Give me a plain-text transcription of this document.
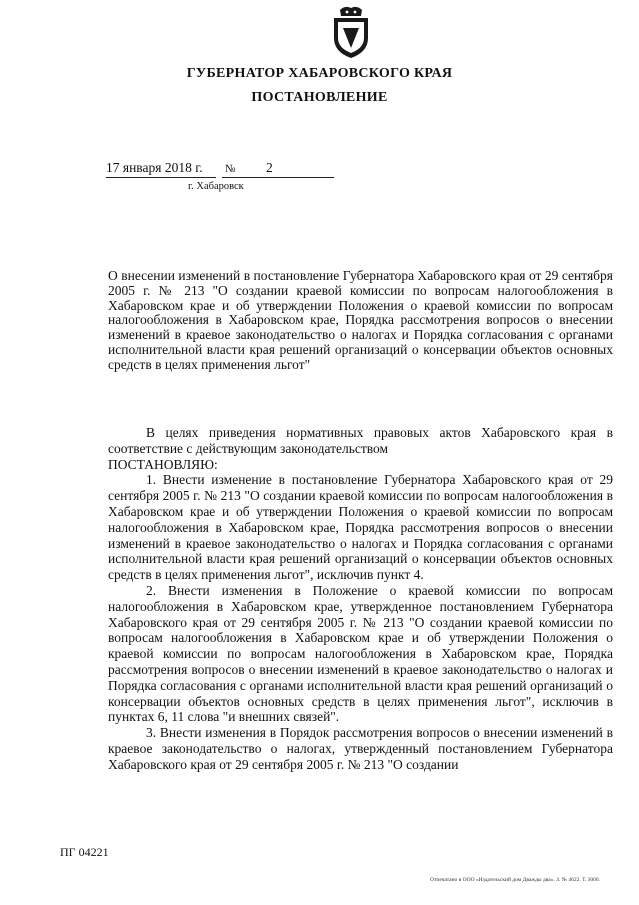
ГУБЕРНАТОР ХАБАРОВСКОГО КРАЯ
ПОСТАНОВЛЕНИЕ
17 января 2018 г. № 2
г. Хабаровск
О внесении изменений в постановление Губернатора Хабаровского края от 29 сентября 2005 г. № 213 "О создании краевой комиссии по вопросам налогообложения в Хабаровском крае и об утверждении Положения о краевой комиссии по вопросам налогообложения в Хабаровском крае, Порядка рассмотрения вопросов о внесении изменений в краевое законодательство о налогах и Порядка согласования с органами исполнительной власти края решений организаций о консервации объектов основных средств в целях применения льгот"

В целях приведения нормативных правовых актов Хабаровского края в соответствие с действующим законодательством

ПОСТАНОВЛЯЮ:

1. Внести изменение в постановление Губернатора Хабаровского края от 29 сентября 2005 г. № 213 "О создании краевой комиссии по вопросам налогообложения в Хабаровском крае и об утверждении Положения о краевой комиссии по вопросам налогообложения в Хабаровском крае, Порядка рассмотрения вопросов о внесении изменений в краевое законодательство о налогах и Порядка согласования с органами исполнительной власти края решений организаций о консервации объектов основных средств в целях применения льгот", исключив пункт 4.

2. Внести изменения в Положение о краевой комиссии по вопросам налогообложения в Хабаровском крае, утвержденное постановлением Губернатора Хабаровского края от 29 сентября 2005 г. № 213 "О создании краевой комиссии по вопросам налогообложения в Хабаровском крае и об утверждении Положения о краевой комиссии по вопросам налогообложения в Хабаровском крае, Порядка рассмотрения вопросов о внесении изменений в краевое законодательство о налогах и Порядка согласования с органами исполнительной власти края решений организаций о консервации объектов основных средств в целях применения льгот", исключив в пунктах 6, 11 слова "и внешних связей".

3. Внести изменения в Порядок рассмотрения вопросов о внесении изменений в краевое законодательство о налогах, утвержденный постановлением Губернатора Хабаровского края от 29 сентября 2005 г. № 213 "О создании

ПГ 04221
Отпечатано в ООО «Издательский дом Дважды два». З. № 4622. Т. 3000.
